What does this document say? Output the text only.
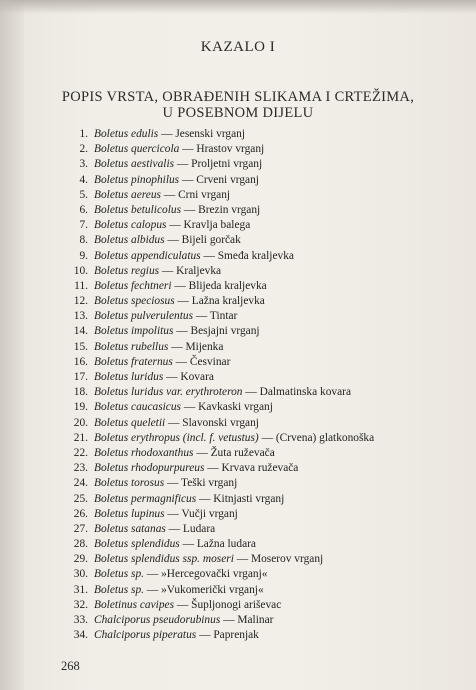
KAZALO I
POPIS VRSTA, OBRAĐENIH SLIKAMA I CRTEŽIMA,
U POSEBNOM DIJELU
1. Boletus edulis — Jesenski vrganj
2. Boletus quercicola — Hrastov vrganj
3. Boletus aestivalis — Proljetni vrganj
4. Boletus pinophilus — Crveni vrganj
5. Boletus aereus — Crni vrganj
6. Boletus betulicolus — Brezin vrganj
7. Boletus calopus — Kravlja balega
8. Boletus albidus — Bijeli gorčak
9. Boletus appendiculatus — Smeđa kraljevka
10. Boletus regius — Kraljevka
11. Boletus fechtneri — Blijeda kraljevka
12. Boletus speciosus — Lažna kraljevka
13. Boletus pulverulentus — Tintar
14. Boletus impolitus — Besjajni vrganj
15. Boletus rubellus — Mijenka
16. Boletus fraternus — Česvinar
17. Boletus luridus — Kovara
18. Boletus luridus var. erythroteron — Dalmatinska kovara
19. Boletus caucasicus — Kavkaski vrganj
20. Boletus queletii — Slavonski vrganj
21. Boletus erythropus (incl. f. vetustus) — (Crvena) glatkonoška
22. Boletus rhodoxanthus — Žuta ruževača
23. Boletus rhodopurpureus — Krvava ruževača
24. Boletus torosus — Teški vrganj
25. Boletus permagnificus — Kitnjasti vrganj
26. Boletus lupinus — Vučji vrganj
27. Boletus satanas — Ludara
28. Boletus splendidus — Lažna ludara
29. Boletus splendidus ssp. moseri — Moserov vrganj
30. Boletus sp. — »Hercegovački vrganj«
31. Boletus sp. — »Vukomerički vrganj«
32. Boletinus cavipes — Šupljonogi ariševac
33. Chalciporus pseudorubinus — Malinar
34. Chalciporus piperatus — Paprenjak
268
